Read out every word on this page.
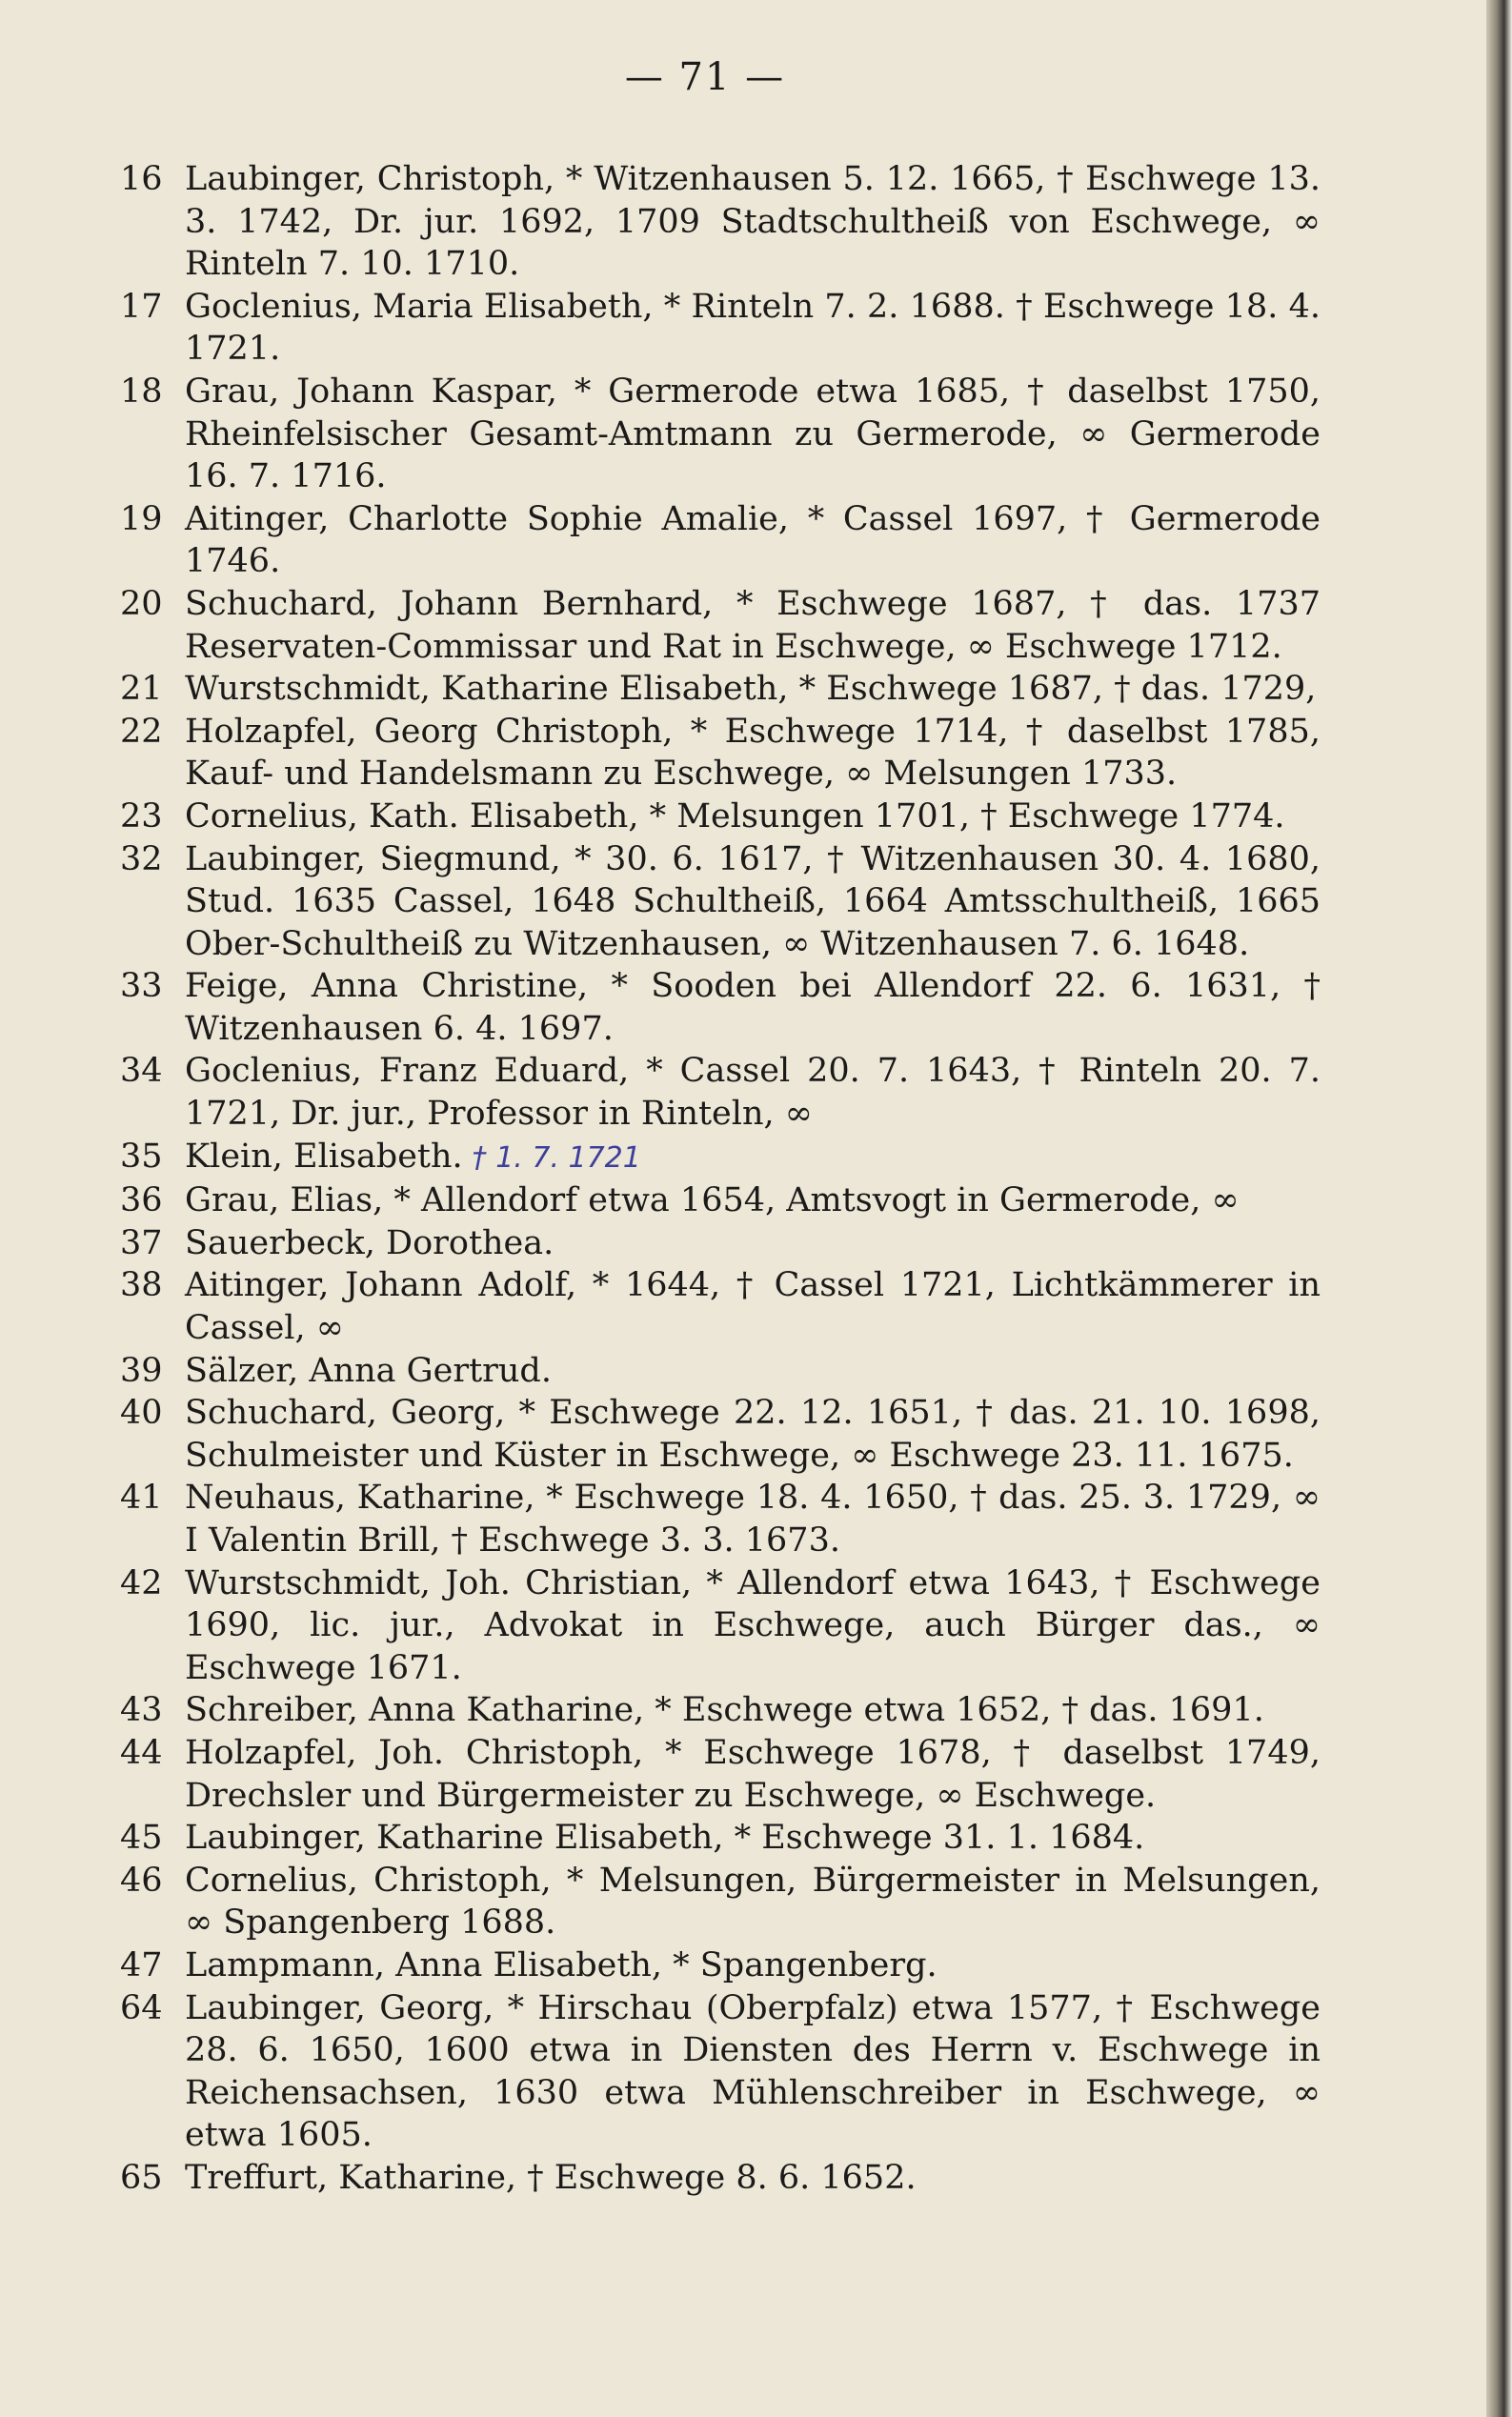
— 71 —
16 Laubinger, Christoph, * Witzenhausen 5. 12. 1665, † Eschwege 13. 3. 1742, Dr. jur. 1692, 1709 Stadtschultheiß von Eschwege, ∞ Rinteln 7. 10. 1710.
17 Goclenius, Maria Elisabeth, * Rinteln 7. 2. 1688. † Eschwege 18. 4. 1721.
18 Grau, Johann Kaspar, * Germerode etwa 1685, † daselbst 1750, Rheinfelsischer Gesamt-Amtmann zu Germerode, ∞ Germerode 16. 7. 1716.
19 Aitinger, Charlotte Sophie Amalie, * Cassel 1697, † Germerode 1746.
20 Schuchard, Johann Bernhard, * Eschwege 1687, † das. 1737 Reservaten-Commissar und Rat in Eschwege, ∞ Eschwege 1712.
21 Wurstschmidt, Katharine Elisabeth, * Eschwege 1687, † das. 1729,
22 Holzapfel, Georg Christoph, * Eschwege 1714, † daselbst 1785, Kauf- und Handelsmann zu Eschwege, ∞ Melsungen 1733.
23 Cornelius, Kath. Elisabeth, * Melsungen 1701, † Eschwege 1774.
32 Laubinger, Siegmund, * 30. 6. 1617, † Witzenhausen 30. 4. 1680, Stud. 1635 Cassel, 1648 Schultheiß, 1664 Amtsschultheiß, 1665 Ober-Schultheiß zu Witzenhausen, ∞ Witzenhausen 7. 6. 1648.
33 Feige, Anna Christine, * Sooden bei Allendorf 22. 6. 1631, † Witzenhausen 6. 4. 1697.
34 Goclenius, Franz Eduard, * Cassel 20. 7. 1643, † Rinteln 20. 7. 1721, Dr. jur., Professor in Rinteln, ∞
35 Klein, Elisabeth. † 1. 7. 1721
36 Grau, Elias, * Allendorf etwa 1654, Amtsvogt in Germerode, ∞
37 Sauerbeck, Dorothea.
38 Aitinger, Johann Adolf, * 1644, † Cassel 1721, Lichtkämmerer in Cassel, ∞
39 Sälzer, Anna Gertrud.
40 Schuchard, Georg, * Eschwege 22. 12. 1651, † das. 21. 10. 1698, Schulmeister und Küster in Eschwege, ∞ Eschwege 23. 11. 1675.
41 Neuhaus, Katharine, * Eschwege 18. 4. 1650, † das. 25. 3. 1729, ∞ I Valentin Brill, † Eschwege 3. 3. 1673.
42 Wurstschmidt, Joh. Christian, * Allendorf etwa 1643, † Eschwege 1690, lic. jur., Advokat in Eschwege, auch Bürger das., ∞ Eschwege 1671.
43 Schreiber, Anna Katharine, * Eschwege etwa 1652, † das. 1691.
44 Holzapfel, Joh. Christoph, * Eschwege 1678, † daselbst 1749, Drechsler und Bürgermeister zu Eschwege, ∞ Eschwege.
45 Laubinger, Katharine Elisabeth, * Eschwege 31. 1. 1684.
46 Cornelius, Christoph, * Melsungen, Bürgermeister in Melsungen, ∞ Spangenberg 1688.
47 Lampmann, Anna Elisabeth, * Spangenberg.
64 Laubinger, Georg, * Hirschau (Oberpfalz) etwa 1577, † Eschwege 28. 6. 1650, 1600 etwa in Diensten des Herrn v. Eschwege in Reichensachsen, 1630 etwa Mühlenschreiber in Eschwege, ∞ etwa 1605.
65 Treffurt, Katharine, † Eschwege 8. 6. 1652.
